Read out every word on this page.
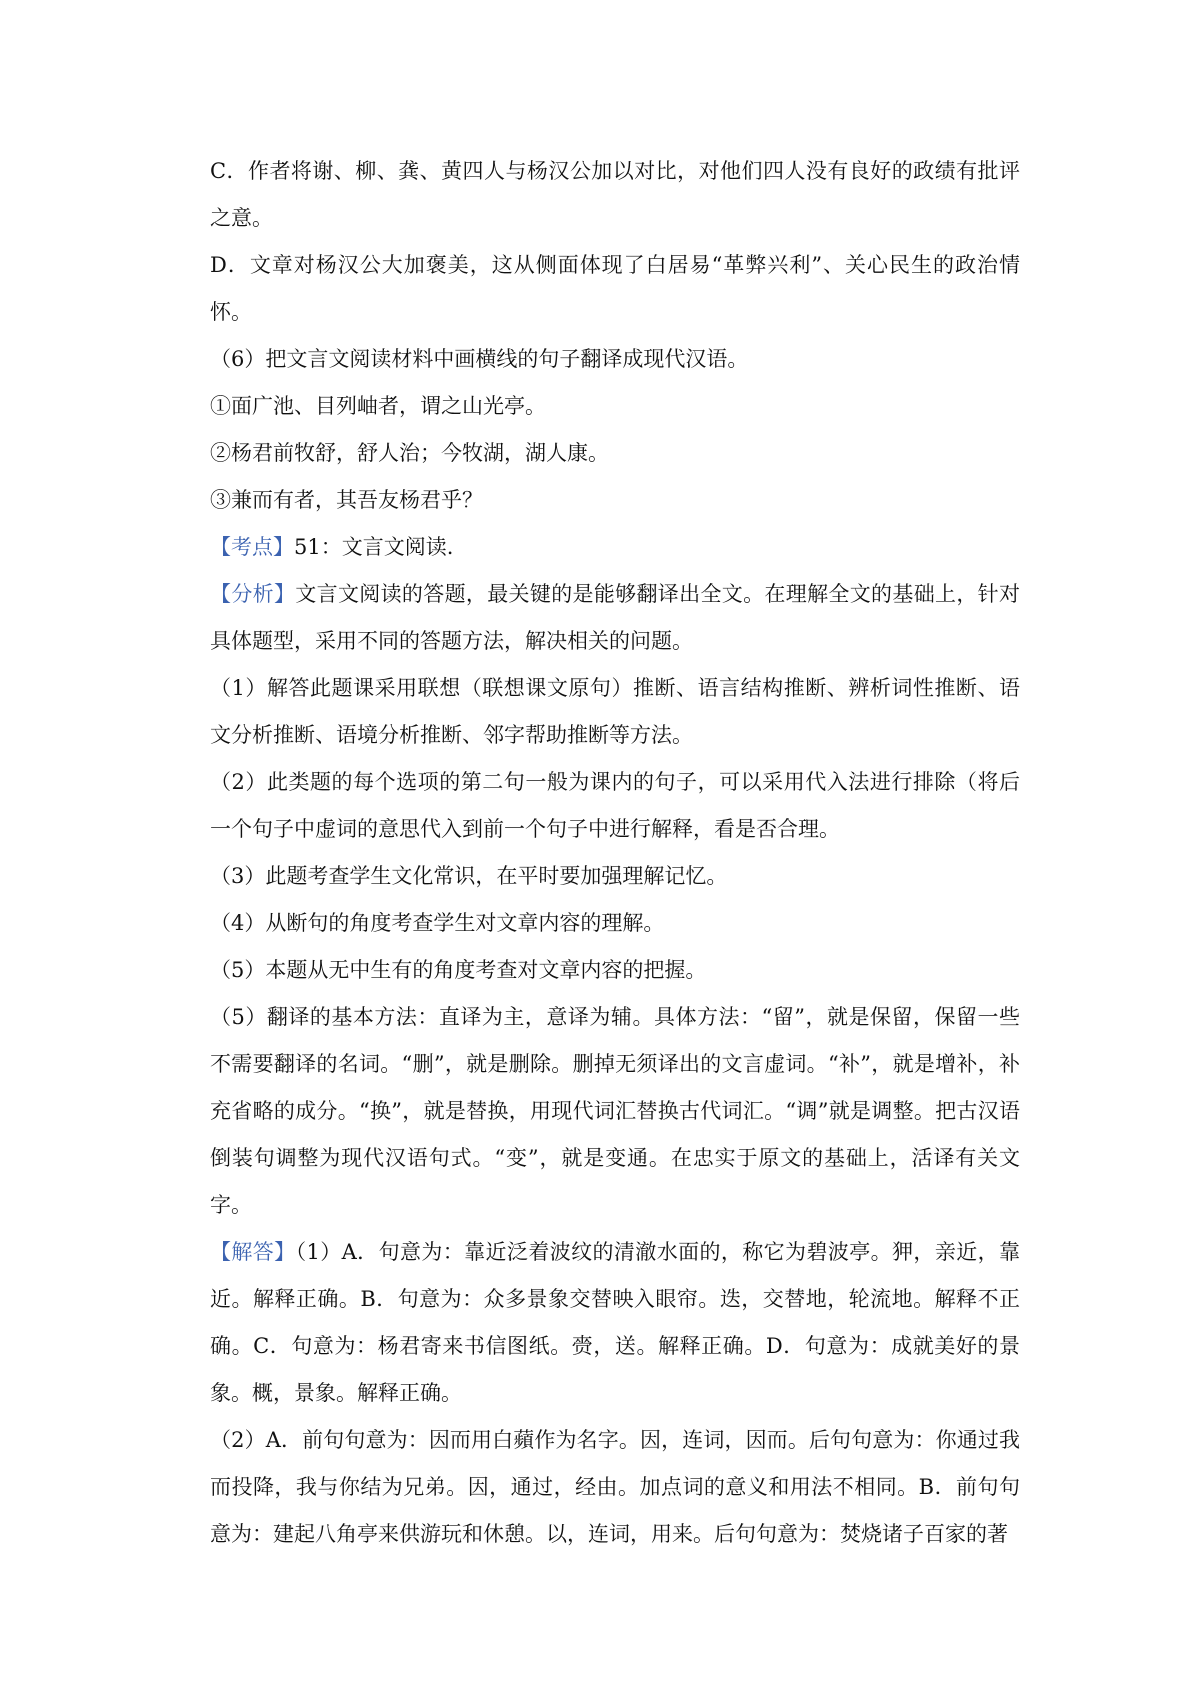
C．作者将谢、柳、龚、黄四人与杨汉公加以对比，对他们四人没有良好的政绩有批评之意。

D．文章对杨汉公大加褒美，这从侧面体现了白居易“革弊兴利”、关心民生的政治情怀。

（6）把文言文阅读材料中画横线的句子翻译成现代汉语。

①面广池、目列岫者，谓之山光亭。

②杨君前牧舒，舒人治；今牧湖，湖人康。

③兼而有者，其吾友杨君乎？

【考点】51：文言文阅读.

【分析】文言文阅读的答题，最关键的是能够翻译出全文。在理解全文的基础上，针对具体题型，采用不同的答题方法，解决相关的问题。

（1）解答此题课采用联想（联想课文原句）推断、语言结构推断、辨析词性推断、语文分析推断、语境分析推断、邻字帮助推断等方法。

（2）此类题的每个选项的第二句一般为课内的句子，可以采用代入法进行排除（将后一个句子中虚词的意思代入到前一个句子中进行解释，看是否合理。

（3）此题考查学生文化常识，在平时要加强理解记忆。

（4）从断句的角度考查学生对文章内容的理解。

（5）本题从无中生有的角度考查对文章内容的把握。

（5）翻译的基本方法：直译为主，意译为辅。具体方法：“留”，就是保留，保留一些不需要翻译的名词。“删”，就是删除。删掉无须译出的文言虚词。“补”，就是增补，补充省略的成分。“换”，就是替换，用现代词汇替换古代词汇。“调”就是调整。把古汉语倒装句调整为现代汉语句式。“变”，就是变通。在忠实于原文的基础上，活译有关文字。

【解答】（1）A．句意为：靠近泛着波纹的清澈水面的，称它为碧波亭。狎，亲近，靠近。解释正确。B．句意为：众多景象交替映入眼帘。迭，交替地，轮流地。解释不正确。C．句意为：杨君寄来书信图纸。赍，送。解释正确。D．句意为：成就美好的景象。概，景象。解释正确。

（2）A．前句句意为：因而用白蘋作为名字。因，连词，因而。后句句意为：你通过我而投降，我与你结为兄弟。因，通过，经由。加点词的意义和用法不相同。B．前句句意为：建起八角亭来供游玩和休憩。以，连词，用来。后句句意为：焚烧诸子百家的著
